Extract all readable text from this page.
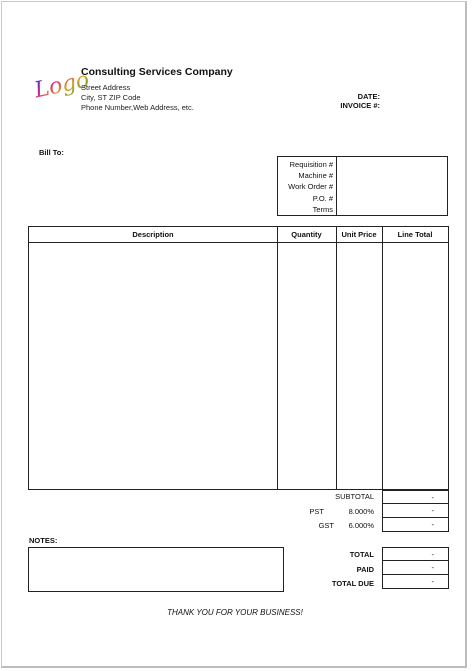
Logo
Consulting Services Company
Street Address
City, ST ZIP Code
Phone Number,Web Address, etc.
DATE:
INVOICE #:
Bill To:
Requisition #
Machine #
Work Order #
P.O. #
Terms
Description	Quantity	Unit Price	Line Total
SUBTOTAL	-
PST	8.000%	-
GST	6.000%	-
NOTES:
TOTAL	-
PAID	-
TOTAL DUE	-
THANK YOU FOR YOUR BUSINESS!
